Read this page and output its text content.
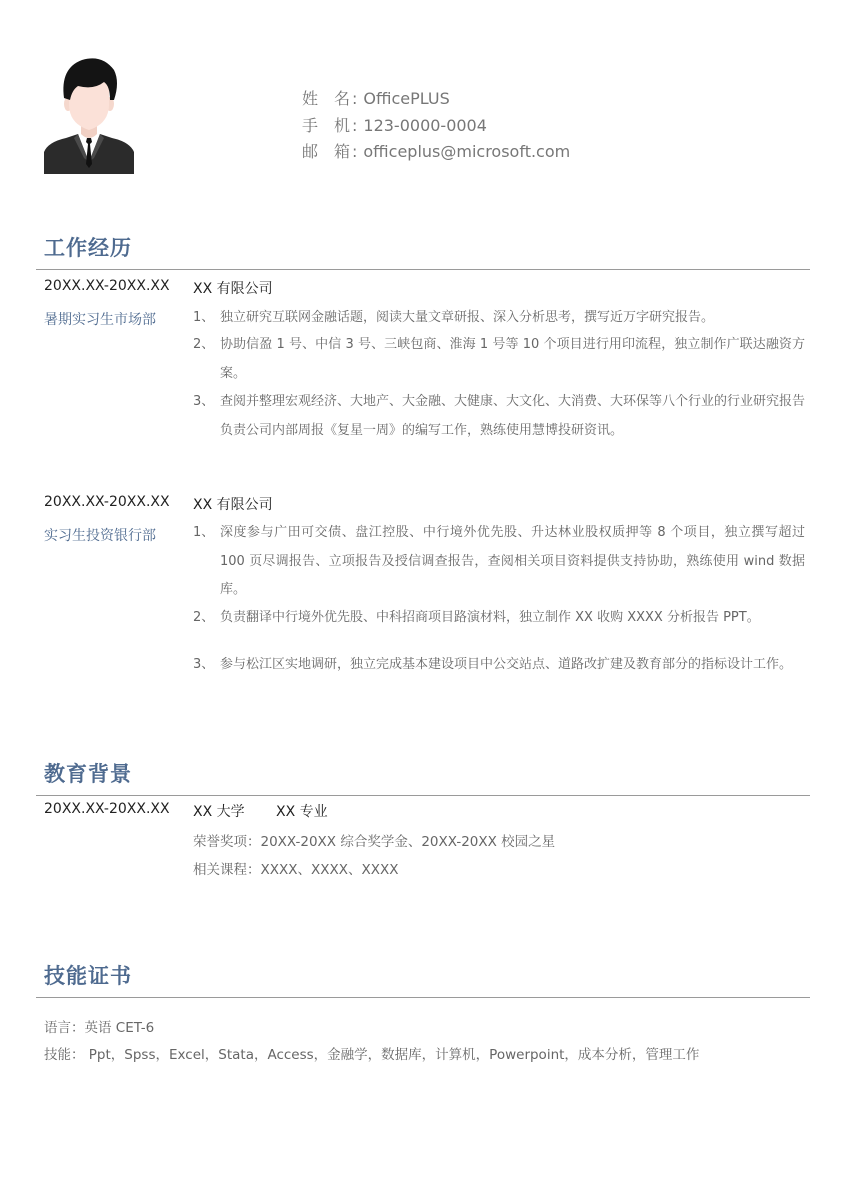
姓 名 : OfficePLUS
手 机 : 123-0000-0004
邮 箱 : officeplus@microsoft.com
工作经历
20XX.XX-20XX.XX XX 有限公司
暑期实习生市场部	1、 独立研究互联网金融话题，阅读大量文章研报、深入分析思考，撰写近万字研究报告。
2、 协助信盈 1 号、中信 3 号、三峡包商、淮海 1 号等 10 个项目进行用印流程，独立制作广联达融资方案。
3、 查阅并整理宏观经济、大地产、大金融、大健康、大文化、大消费、大环保等八个行业的行业研究报告负责公司内部周报《复星一周》的编写工作，熟练使用慧博投研资讯。
20XX.XX-20XX.XX XX 有限公司
实习生投资银行部	1、 深度参与广田可交债、盘江控股、中行境外优先股、升达林业股权质押等 8 个项目，独立撰写超过 100 页尽调报告、立项报告及授信调查报告，查阅相关项目资料提供支持协助，熟练使用 wind 数据库。
2、 负责翻译中行境外优先股、中科招商项目路演材料，独立制作 XX 收购 XXXX 分析报告 PPT。
3、 参与松江区实地调研，独立完成基本建设项目中公交站点、道路改扩建及教育部分的指标设计工作。
教育背景
20XX.XX-20XX.XX XX 大学 XX 专业
荣誉奖项：20XX-20XX 综合奖学金、20XX-20XX 校园之星
相关课程：XXXX、XXXX、XXXX
技能证书
语言：英语 CET-6
技能： Ppt，Spss，Excel，Stata，Access，金融学，数据库，计算机，Powerpoint，成本分析，管理工作
